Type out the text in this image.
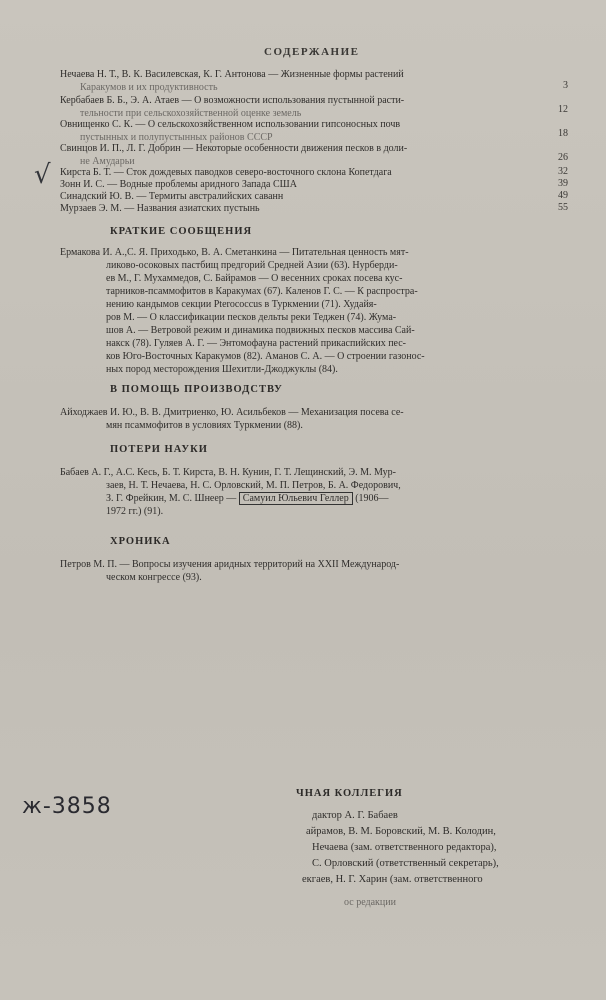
СОДЕРЖАНИЕ
√
Нечаева Н. Т., В. К. Василевская, К. Г. Антонова — Жизненные формы растений
Каракумов и их продуктивность	3
Кербабаев Б. Б., Э. А. Атаев — О возможности использования пустынной расти-
тельности при сельскохозяйственной оценке земель	12
Овнищенко С. К. — О сельскохозяйственном использовании гипсоносных почв
пустынных и полупустынных районов СССР	18
Свинцов И. П., Л. Г. Добрин — Некоторые особенности движения песков в доли-
не Амударьи	26
Кирста Б. Т. — Сток дождевых паводков северо-восточного склона Копетдага	32
Зонн И. С. — Водные проблемы аридного Запада США	39
Синадский Ю. В. — Термиты австралийских саванн	49
Мурзаев Э. М. — Названия азиатских пустынь	55
КРАТКИЕ СООБЩЕНИЯ
Ермакова И. А.,С. Я. Приходько, В. А. Сметанкина — Питательная ценность мят-
ликово-осоковых пастбищ предгорий Средней Азии (63). Нурберди-
ев М., Г. Мухаммедов, С. Байрамов — О весенних сроках посева кус-
тарников-псаммофитов в Каракумах (67). Каленов Г. С. — К распростра-
нению кандымов секции Pterococcus в Туркмении (71). Худайя-
ров М. — О классификации песков дельты реки Теджен (74). Жума-
шов А. — Ветровой режим и динамика подвижных песков массива Сай-
накск (78). Гуляев А. Г. — Энтомофауна растений прикаспийских пес-
ков Юго-Восточных Каракумов (82). Аманов С. А. — О строении газонос-
ных пород месторождения Шехитли-Джоджуклы (84).
В ПОМОЩЬ ПРОИЗВОДСТВУ
Айходжаев И. Ю., В. В. Дмитриенко, Ю. Асильбеков — Механизация посева се-
мян псаммофитов в условиях Туркмении (88).
ПОТЕРИ НАУКИ
Бабаев А. Г., А.С. Кесь, Б. Т. Кирста, В. Н. Кунин, Г. Т. Лещинский, Э. М. Мур-
заев, Н. Т. Нечаева, Н. С. Орловский, М. П. Петров, Б. А. Федорович,
З. Г. Фрейкин, М. С. Шнеер — Самуил Юльевич Геллер (1906—
1972 гг.) (91).
ХРОНИКА
Петров М. П. — Вопросы изучения аридных территорий на XXII Международ-
ческом конгрессе (93).
ж-3858
ЧНАЯ КОЛЛЕГИЯ
дактор А. Г. Бабаев
айрамов, В. М. Боровский, М. В. Колодин,
Нечаева (зам. ответственного редактора),
С. Орловский (ответственный секретарь),
екгаев, Н. Г. Харин (зам. ответственного
ос редакции
